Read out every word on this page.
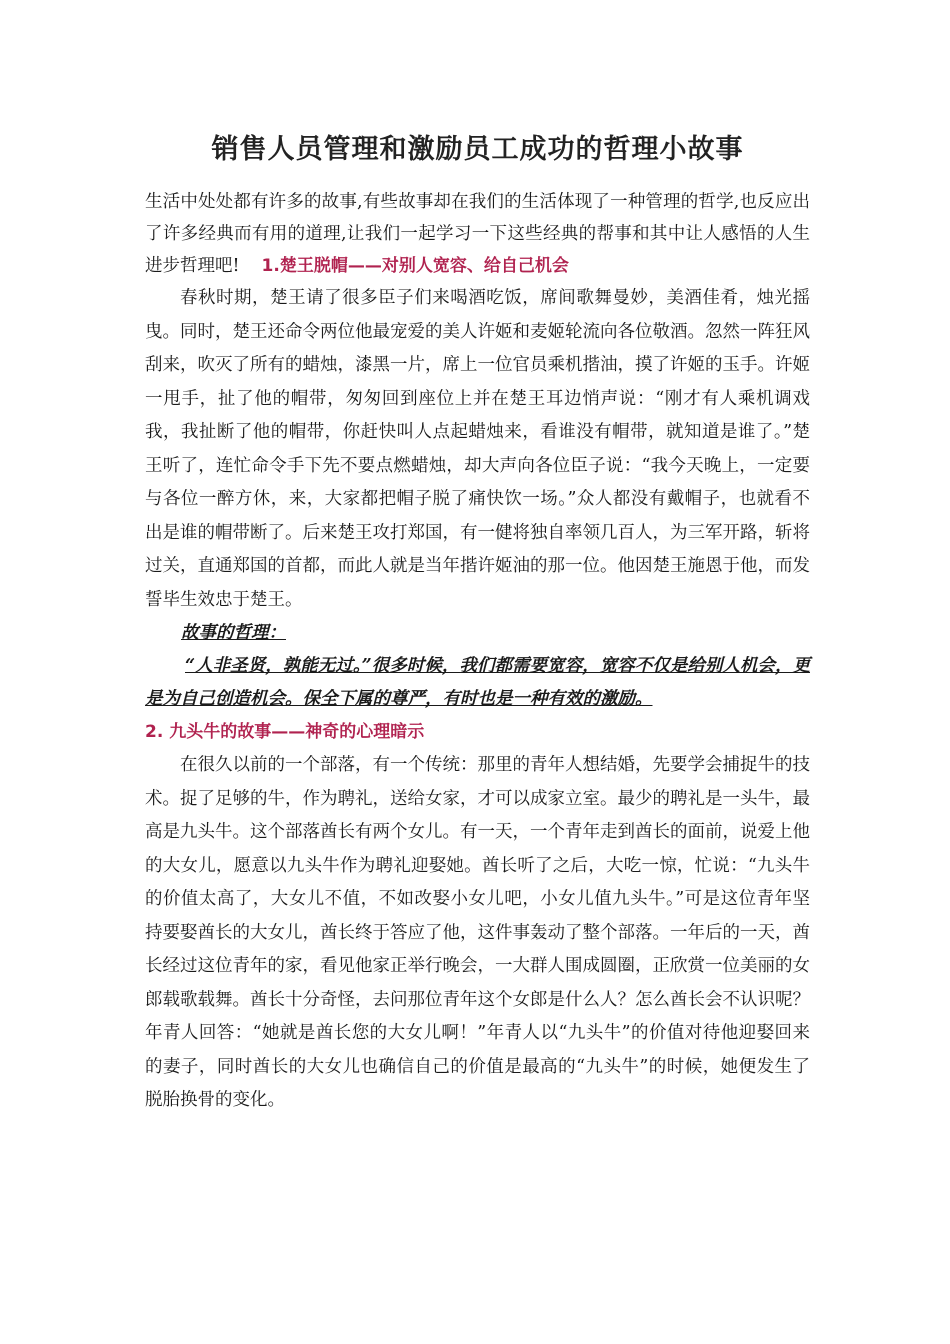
销售人员管理和激励员工成功的哲理小故事

生活中处处都有许多的故事,有些故事却在我们的生活体现了一种管理的哲学,也反应出了许多经典而有用的道理,让我们一起学习一下这些经典的帮事和其中让人感悟的人生进步哲理吧! 1.楚王脱帽——对别人宽容、给自己机会

春秋时期，楚王请了很多臣子们来喝酒吃饭，席间歌舞曼妙，美酒佳肴，烛光摇曳。同时，楚王还命令两位他最宠爱的美人许姬和麦姬轮流向各位敬酒。忽然一阵狂风刮来，吹灭了所有的蜡烛，漆黑一片，席上一位官员乘机揩油，摸了许姬的玉手。许姬一甩手，扯了他的帽带，匆匆回到座位上并在楚王耳边悄声说：“刚才有人乘机调戏我，我扯断了他的帽带，你赶快叫人点起蜡烛来，看谁没有帽带，就知道是谁了。”楚王听了，连忙命令手下先不要点燃蜡烛，却大声向各位臣子说：“我今天晚上，一定要与各位一醉方休，来，大家都把帽子脱了痛快饮一场。”众人都没有戴帽子，也就看不出是谁的帽带断了。后来楚王攻打郑国，有一健将独自率领几百人，为三军开路，斩将过关，直通郑国的首都，而此人就是当年揩许姬油的那一位。他因楚王施恩于他，而发誓毕生效忠于楚王。

故事的哲理：

“人非圣贤，孰能无过。”很多时候，我们都需要宽容，宽容不仅是给别人机会，更是为自己创造机会。保全下属的尊严，有时也是一种有效的激励。

2. 九头牛的故事——神奇的心理暗示

在很久以前的一个部落，有一个传统：那里的青年人想结婚，先要学会捕捉牛的技术。捉了足够的牛，作为聘礼，送给女家，才可以成家立室。最少的聘礼是一头牛，最高是九头牛。这个部落酋长有两个女儿。有一天，一个青年走到酋长的面前，说爱上他的大女儿，愿意以九头牛作为聘礼迎娶她。酋长听了之后，大吃一惊，忙说：“九头牛的价值太高了，大女儿不值，不如改娶小女儿吧，小女儿值九头牛。”可是这位青年坚持要娶酋长的大女儿，酋长终于答应了他，这件事轰动了整个部落。一年后的一天，酋长经过这位青年的家，看见他家正举行晚会，一大群人围成圆圈，正欣赏一位美丽的女郎载歌载舞。酋长十分奇怪，去问那位青年这个女郎是什么人？怎么酋长会不认识呢？年青人回答：“她就是酋长您的大女儿啊！”年青人以“九头牛”的价值对待他迎娶回来的妻子，同时酋长的大女儿也确信自己的价值是最高的“九头牛”的时候，她便发生了脱胎换骨的变化。
